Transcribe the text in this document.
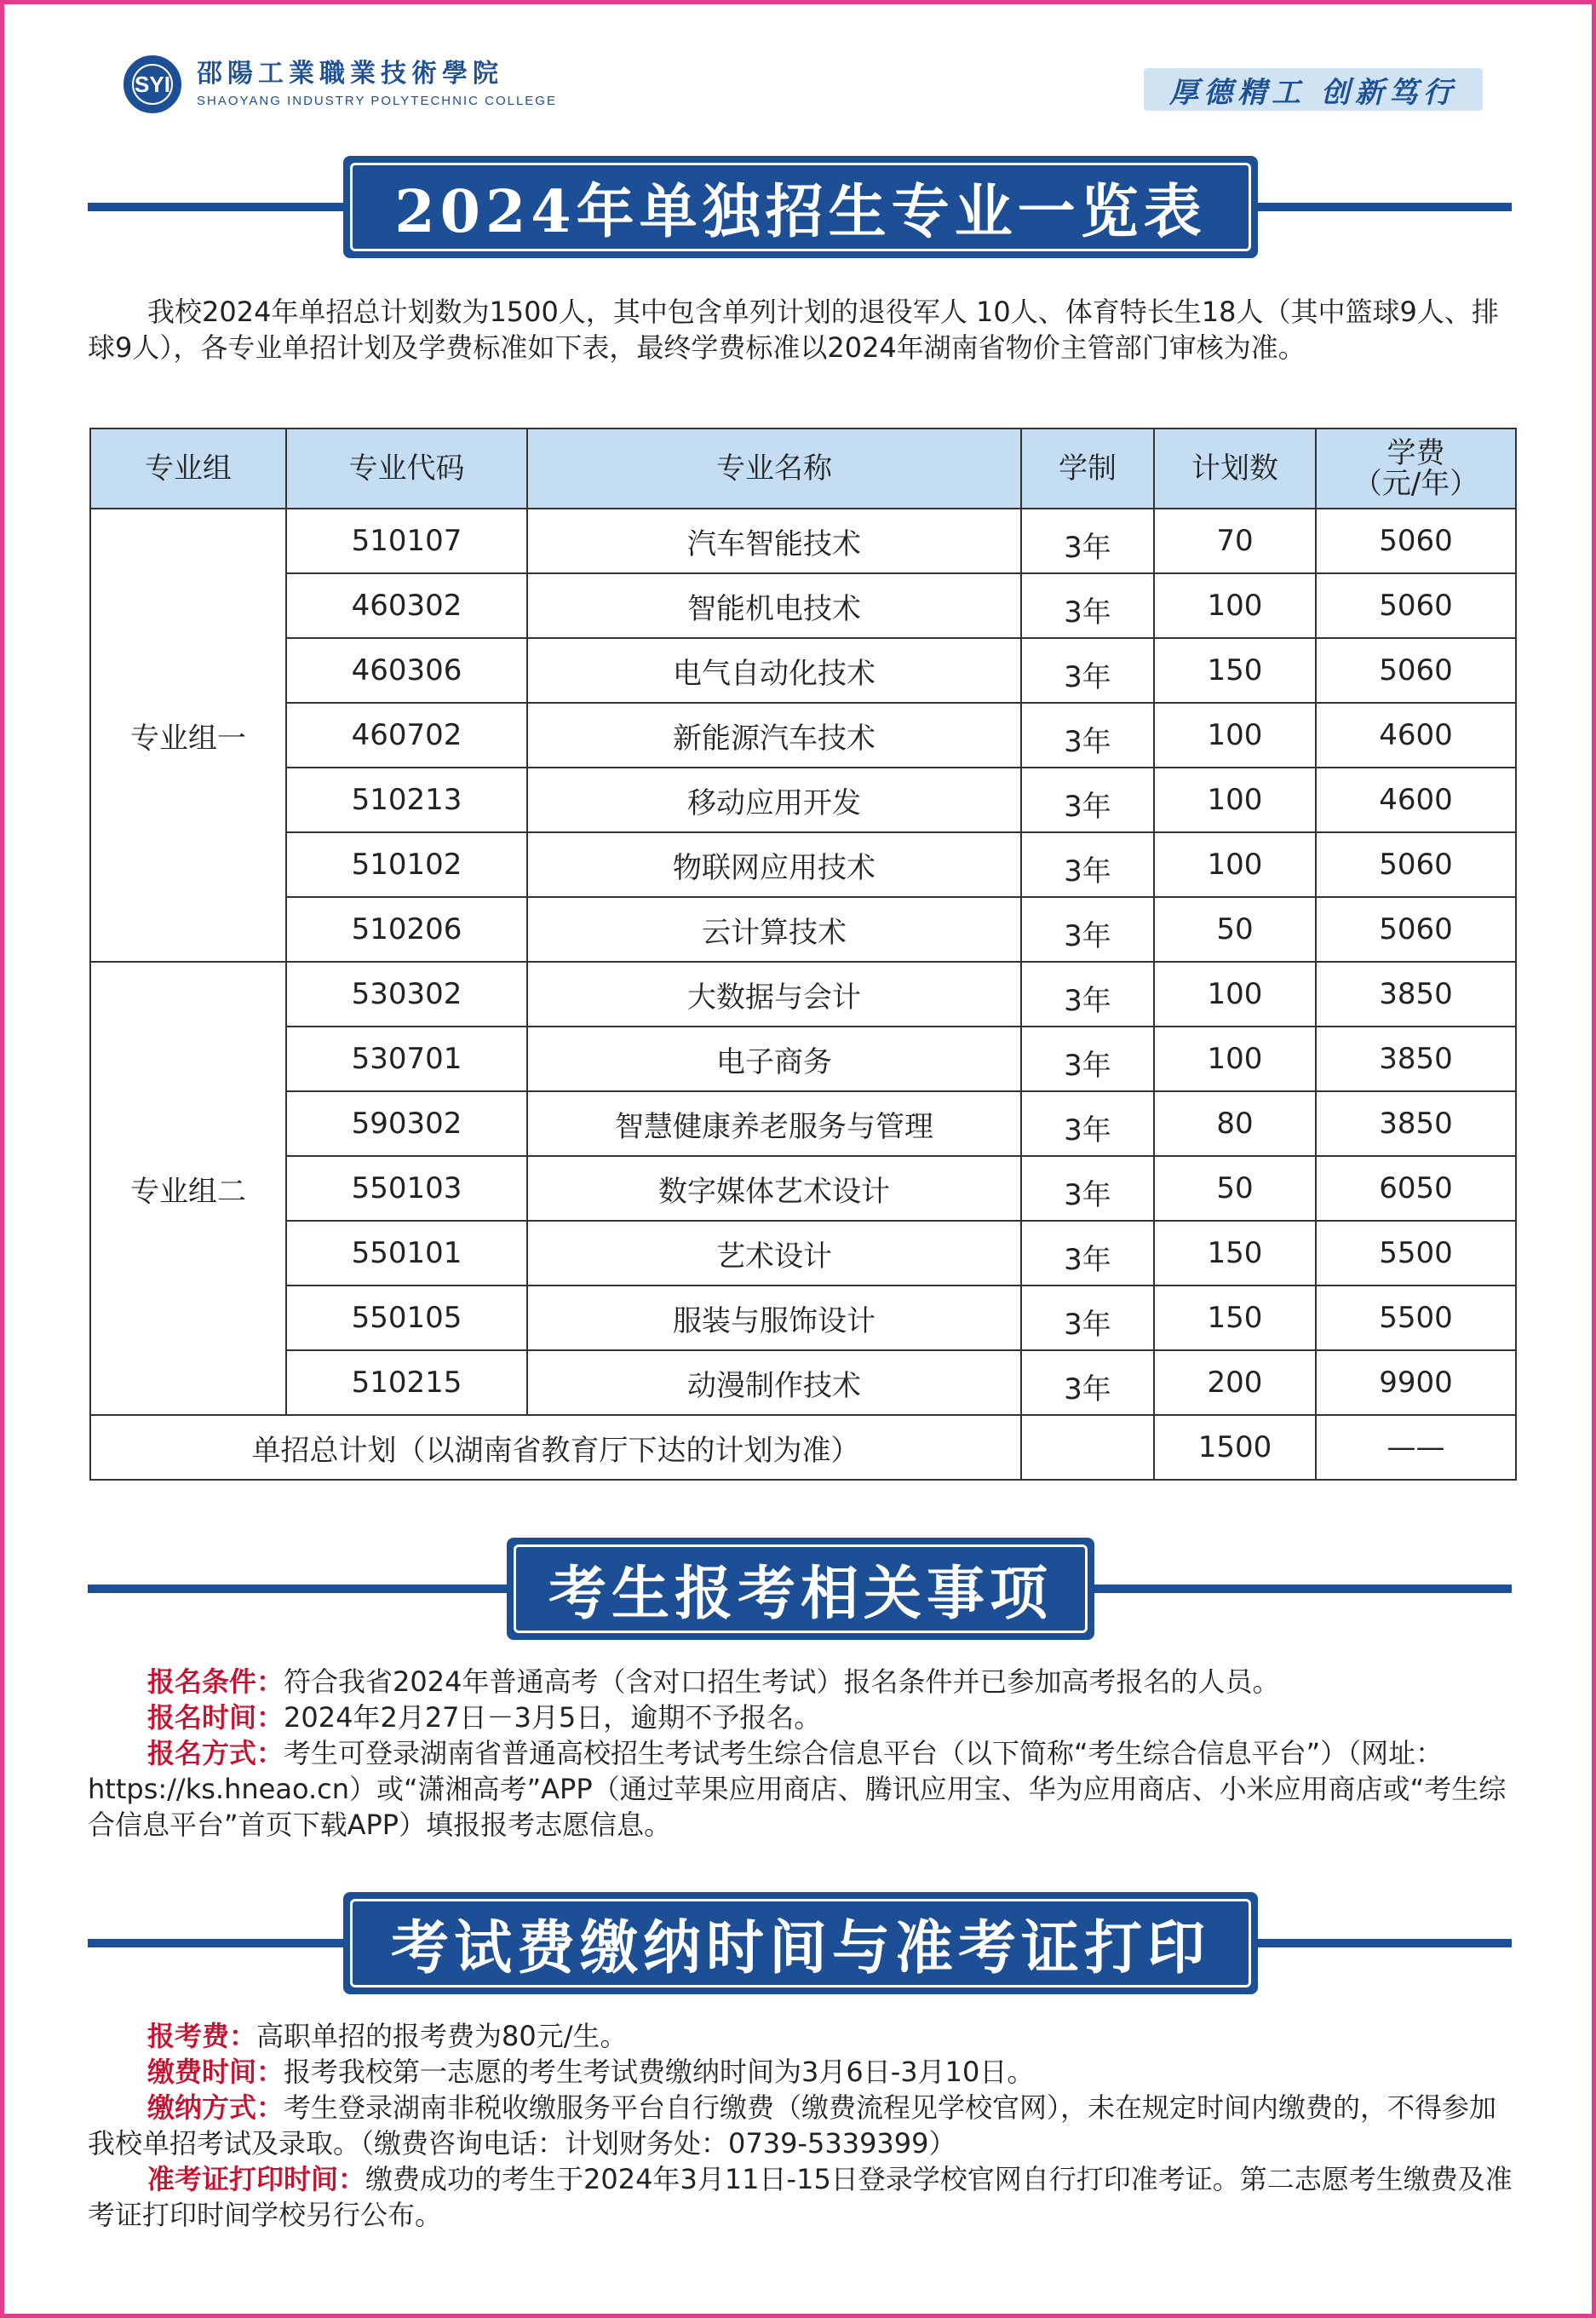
SYI 邵陽工業職業技術學院
SHAOYANG INDUSTRY POLYTECHNIC COLLEGE	厚德精工 创新笃行
2024年单独招生专业一览表
我校2024年单招总计划数为1500人，其中包含单列计划的退役军人 10人、体育特长生18人（其中篮球9人、排球9人），各专业单招计划及学费标准如下表，最终学费标准以2024年湖南省物价主管部门审核为准。
专业组	专业代码	专业名称	学制	计划数	学费
（元/年）

专业组一	510107	汽车智能技术	3年	70	5060
	460302	智能机电技术	3年	100	5060
	460306	电气自动化技术	3年	150	5060
	460702	新能源汽车技术	3年	100	4600
	510213	移动应用开发	3年	100	4600
	510102	物联网应用技术	3年	100	5060
	510206	云计算技术	3年	50	5060
专业组二	530302	大数据与会计	3年	100	3850
	530701	电子商务	3年	100	3850
	590302	智慧健康养老服务与管理	3年	80	3850
	550103	数字媒体艺术设计	3年	50	6050
	550101	艺术设计	3年	150	5500
	550105	服装与服饰设计	3年	150	5500
	510215	动漫制作技术	3年	200	9900
单招总计划（以湖南省教育厅下达的计划为准）				1500	——
考生报考相关事项
报名条件：符合我省2024年普通高考（含对口招生考试）报名条件并已参加高考报名的人员。
报名时间：2024年2月27日－3月5日，逾期不予报名。
报名方式：考生可登录湖南省普通高校招生考试考生综合信息平台（以下简称“考生综合信息平台”）（网址：https://ks.hneao.cn）或“潇湘高考”APP（通过苹果应用商店、腾讯应用宝、华为应用商店、小米应用商店或“考生综合信息平台”首页下载APP）填报报考志愿信息。
考试费缴纳时间与准考证打印
报考费：高职单招的报考费为80元/生。
缴费时间：报考我校第一志愿的考生考试费缴纳时间为3月6日-3月10日。
缴纳方式：考生登录湖南非税收缴服务平台自行缴费（缴费流程见学校官网），未在规定时间内缴费的，不得参加我校单招考试及录取。（缴费咨询电话：计划财务处：0739-5339399）
准考证打印时间：缴费成功的考生于2024年3月11日-15日登录学校官网自行打印准考证。第二志愿考生缴费及准考证打印时间学校另行公布。
